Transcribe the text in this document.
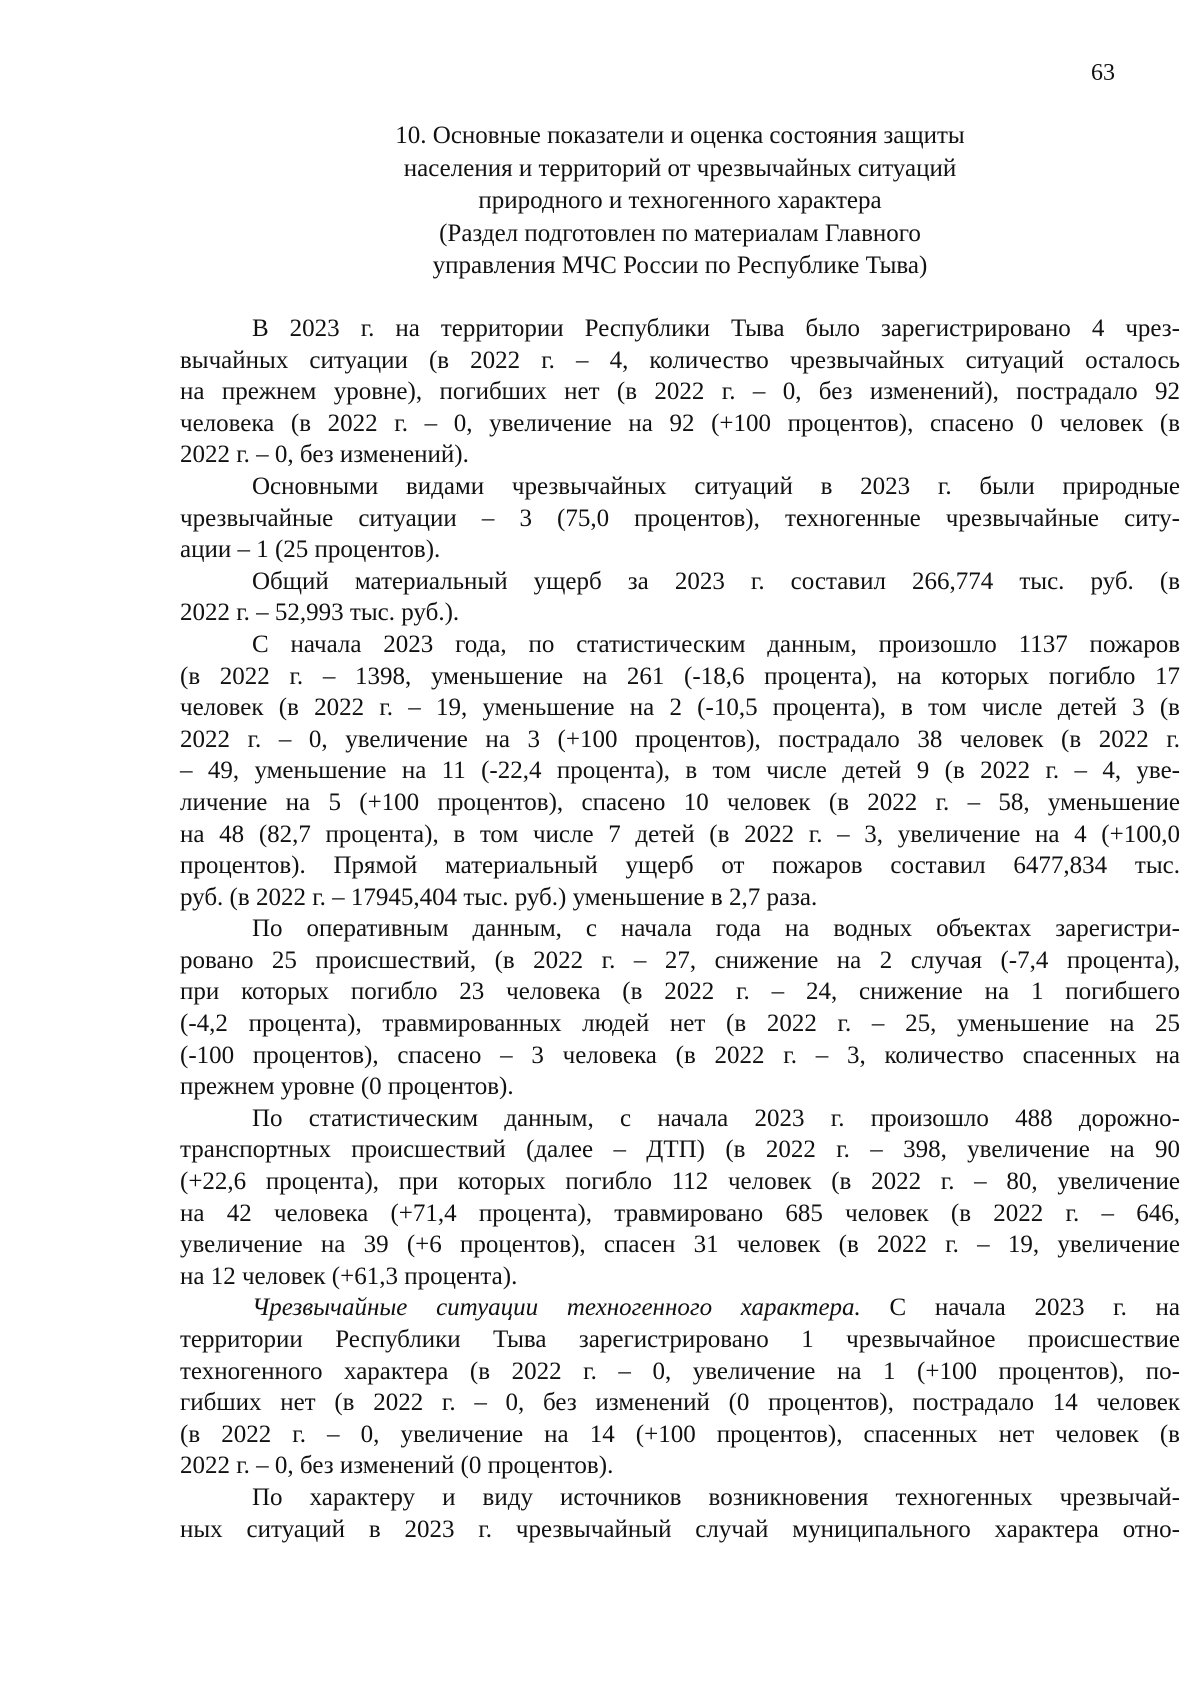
63
10. Основные показатели и оценка состояния защиты
населения и территорий от чрезвычайных ситуаций
природного и техногенного характера
(Раздел подготовлен по материалам Главного
управления МЧС России по Республике Тыва)
В 2023 г. на территории Республики Тыва было зарегистрировано 4 чрез-
вычайных ситуации (в 2022 г. – 4, количество чрезвычайных ситуаций осталось
на прежнем уровне), погибших нет (в 2022 г. – 0, без изменений), пострадало 92
человека (в 2022 г. – 0, увеличение на 92 (+100 процентов), спасено 0 человек (в
2022 г. – 0, без изменений).
Основными видами чрезвычайных ситуаций в 2023 г. были природные
чрезвычайные ситуации – 3 (75,0 процентов), техногенные чрезвычайные ситу-
ации – 1 (25 процентов).
Общий материальный ущерб за 2023 г. составил 266,774 тыс. руб. (в
2022 г. – 52,993 тыс. руб.).
С начала 2023 года, по статистическим данным, произошло 1137 пожаров
(в 2022 г. – 1398, уменьшение на 261 (-18,6 процента), на которых погибло 17
человек (в 2022 г. – 19, уменьшение на 2 (-10,5 процента), в том числе детей 3 (в
2022 г. – 0, увеличение на 3 (+100 процентов), пострадало 38 человек (в 2022 г.
– 49, уменьшение на 11 (-22,4 процента), в том числе детей 9 (в 2022 г. – 4, уве-
личение на 5 (+100 процентов), спасено 10 человек (в 2022 г. – 58, уменьшение
на 48 (82,7 процента), в том числе 7 детей (в 2022 г. – 3, увеличение на 4 (+100,0
процентов). Прямой материальный ущерб от пожаров составил 6477,834 тыс.
руб. (в 2022 г. – 17945,404 тыс. руб.) уменьшение в 2,7 раза.
По оперативным данным, с начала года на водных объектах зарегистри-
ровано 25 происшествий, (в 2022 г. – 27, снижение на 2 случая (-7,4 процента),
при которых погибло 23 человека (в 2022 г. – 24, снижение на 1 погибшего
(-4,2 процента), травмированных людей нет (в 2022 г. – 25, уменьшение на 25
(-100 процентов), спасено – 3 человека (в 2022 г. – 3, количество спасенных на
прежнем уровне (0 процентов).
По статистическим данным, с начала 2023 г. произошло 488 дорожно-
транспортных происшествий (далее – ДТП) (в 2022 г. – 398, увеличение на 90
(+22,6 процента), при которых погибло 112 человек (в 2022 г. – 80, увеличение
на 42 человека (+71,4 процента), травмировано 685 человек (в 2022 г. – 646,
увеличение на 39 (+6 процентов), спасен 31 человек (в 2022 г. – 19, увеличение
на 12 человек (+61,3 процента).
Чрезвычайные ситуации техногенного характера. С начала 2023 г. на
территории Республики Тыва зарегистрировано 1 чрезвычайное происшествие
техногенного характера (в 2022 г. – 0, увеличение на 1 (+100 процентов), по-
гибших нет (в 2022 г. – 0, без изменений (0 процентов), пострадало 14 человек
(в 2022 г. – 0, увеличение на 14 (+100 процентов), спасенных нет человек (в
2022 г. – 0, без изменений (0 процентов).
По характеру и виду источников возникновения техногенных чрезвычай-
ных ситуаций в 2023 г. чрезвычайный случай муниципального характера отно-
